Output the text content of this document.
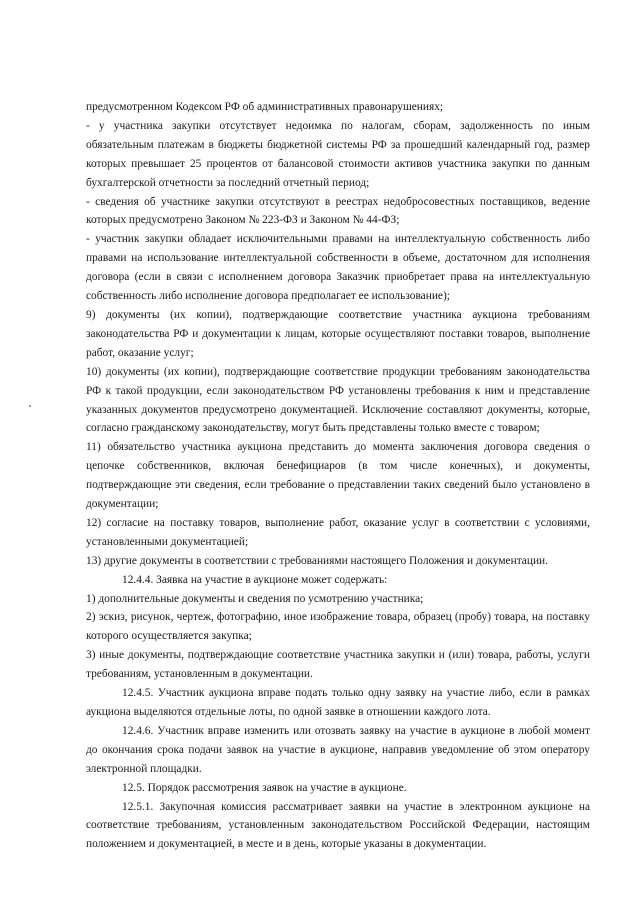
предусмотренном Кодексом РФ об административных правонарушениях;

- у участника закупки отсутствует недоимка по налогам, сборам, задолженность по иным обязательным платежам в бюджеты бюджетной системы РФ за прошедший календарный год, размер которых превышает 25 процентов от балансовой стоимости активов участника закупки по данным бухгалтерской отчетности за последний отчетный период;

- сведения об участнике закупки отсутствуют в реестрах недобросовестных поставщиков, ведение которых предусмотрено Законом № 223-ФЗ и Законом № 44-ФЗ;

- участник закупки обладает исключительными правами на интеллектуальную собственность либо правами на использование интеллектуальной собственности в объеме, достаточном для исполнения договора (если в связи с исполнением договора Заказчик приобретает права на интеллектуальную собственность либо исполнение договора предполагает ее использование);

9) документы (их копии), подтверждающие соответствие участника аукциона требованиям законодательства РФ и документации к лицам, которые осуществляют поставки товаров, выполнение работ, оказание услуг;

10) документы (их копии), подтверждающие соответствие продукции требованиям законодательства РФ к такой продукции, если законодательством РФ установлены требования к ним и представление указанных документов предусмотрено документацией. Исключение составляют документы, которые, согласно гражданскому законодательству, могут быть представлены только вместе с товаром;

11) обязательство участника аукциона представить до момента заключения договора сведения о цепочке собственников, включая бенефициаров (в том числе конечных), и документы, подтверждающие эти сведения, если требование о представлении таких сведений было установлено в документации;

12) согласие на поставку товаров, выполнение работ, оказание услуг в соответствии с условиями, установленными документацией;

13) другие документы в соответствии с требованиями настоящего Положения и документации.

12.4.4. Заявка на участие в аукционе может содержать:

1) дополнительные документы и сведения по усмотрению участника;

2) эскиз, рисунок, чертеж, фотографию, иное изображение товара, образец (пробу) товара, на поставку которого осуществляется закупка;

3) иные документы, подтверждающие соответствие участника закупки и (или) товара, работы, услуги требованиям, установленным в документации.

12.4.5. Участник аукциона вправе подать только одну заявку на участие либо, если в рамках аукциона выделяются отдельные лоты, по одной заявке в отношении каждого лота.

12.4.6. Участник вправе изменить или отозвать заявку на участие в аукционе в любой момент до окончания срока подачи заявок на участие в аукционе, направив уведомление об этом оператору электронной площадки.

12.5. Порядок рассмотрения заявок на участие в аукционе.

12.5.1. Закупочная комиссия рассматривает заявки на участие в электронном аукционе на соответствие требованиям, установленным законодательством Российской Федерации, настоящим положением и документацией, в месте и в день, которые указаны в документации.
